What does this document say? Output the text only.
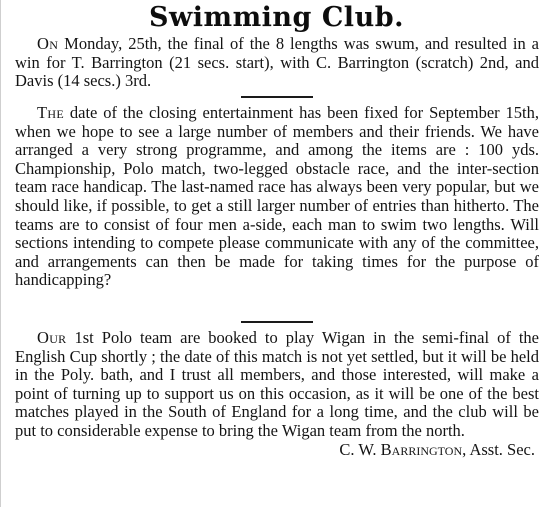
Swimming Club.

On Monday, 25th, the final of the 8 lengths was swum, and resulted in a win for T. Barrington (21 secs. start), with C. Barrington (scratch) 2nd, and Davis (14 secs.) 3rd.

The date of the closing entertainment has been fixed for September 15th, when we hope to see a large number of members and their friends. We have arranged a very strong programme, and among the items are : 100 yds. Championship, Polo match, two-legged obstacle race, and the inter-section team race handicap. The last-named race has always been very popular, but we should like, if possible, to get a still larger number of entries than hitherto. The teams are to consist of four men a-side, each man to swim two lengths. Will sections intending to compete please communicate with any of the committee, and arrangements can then be made for taking times for the purpose of handicapping?

Our 1st Polo team are booked to play Wigan in the semi-final of the English Cup shortly ; the date of this match is not yet settled, but it will be held in the Poly. bath, and I trust all members, and those interested, will make a point of turning up to support us on this occasion, as it will be one of the best matches played in the South of England for a long time, and the club will be put to considerable expense to bring the Wigan team from the north.
C. W. Barrington, Asst. Sec.
